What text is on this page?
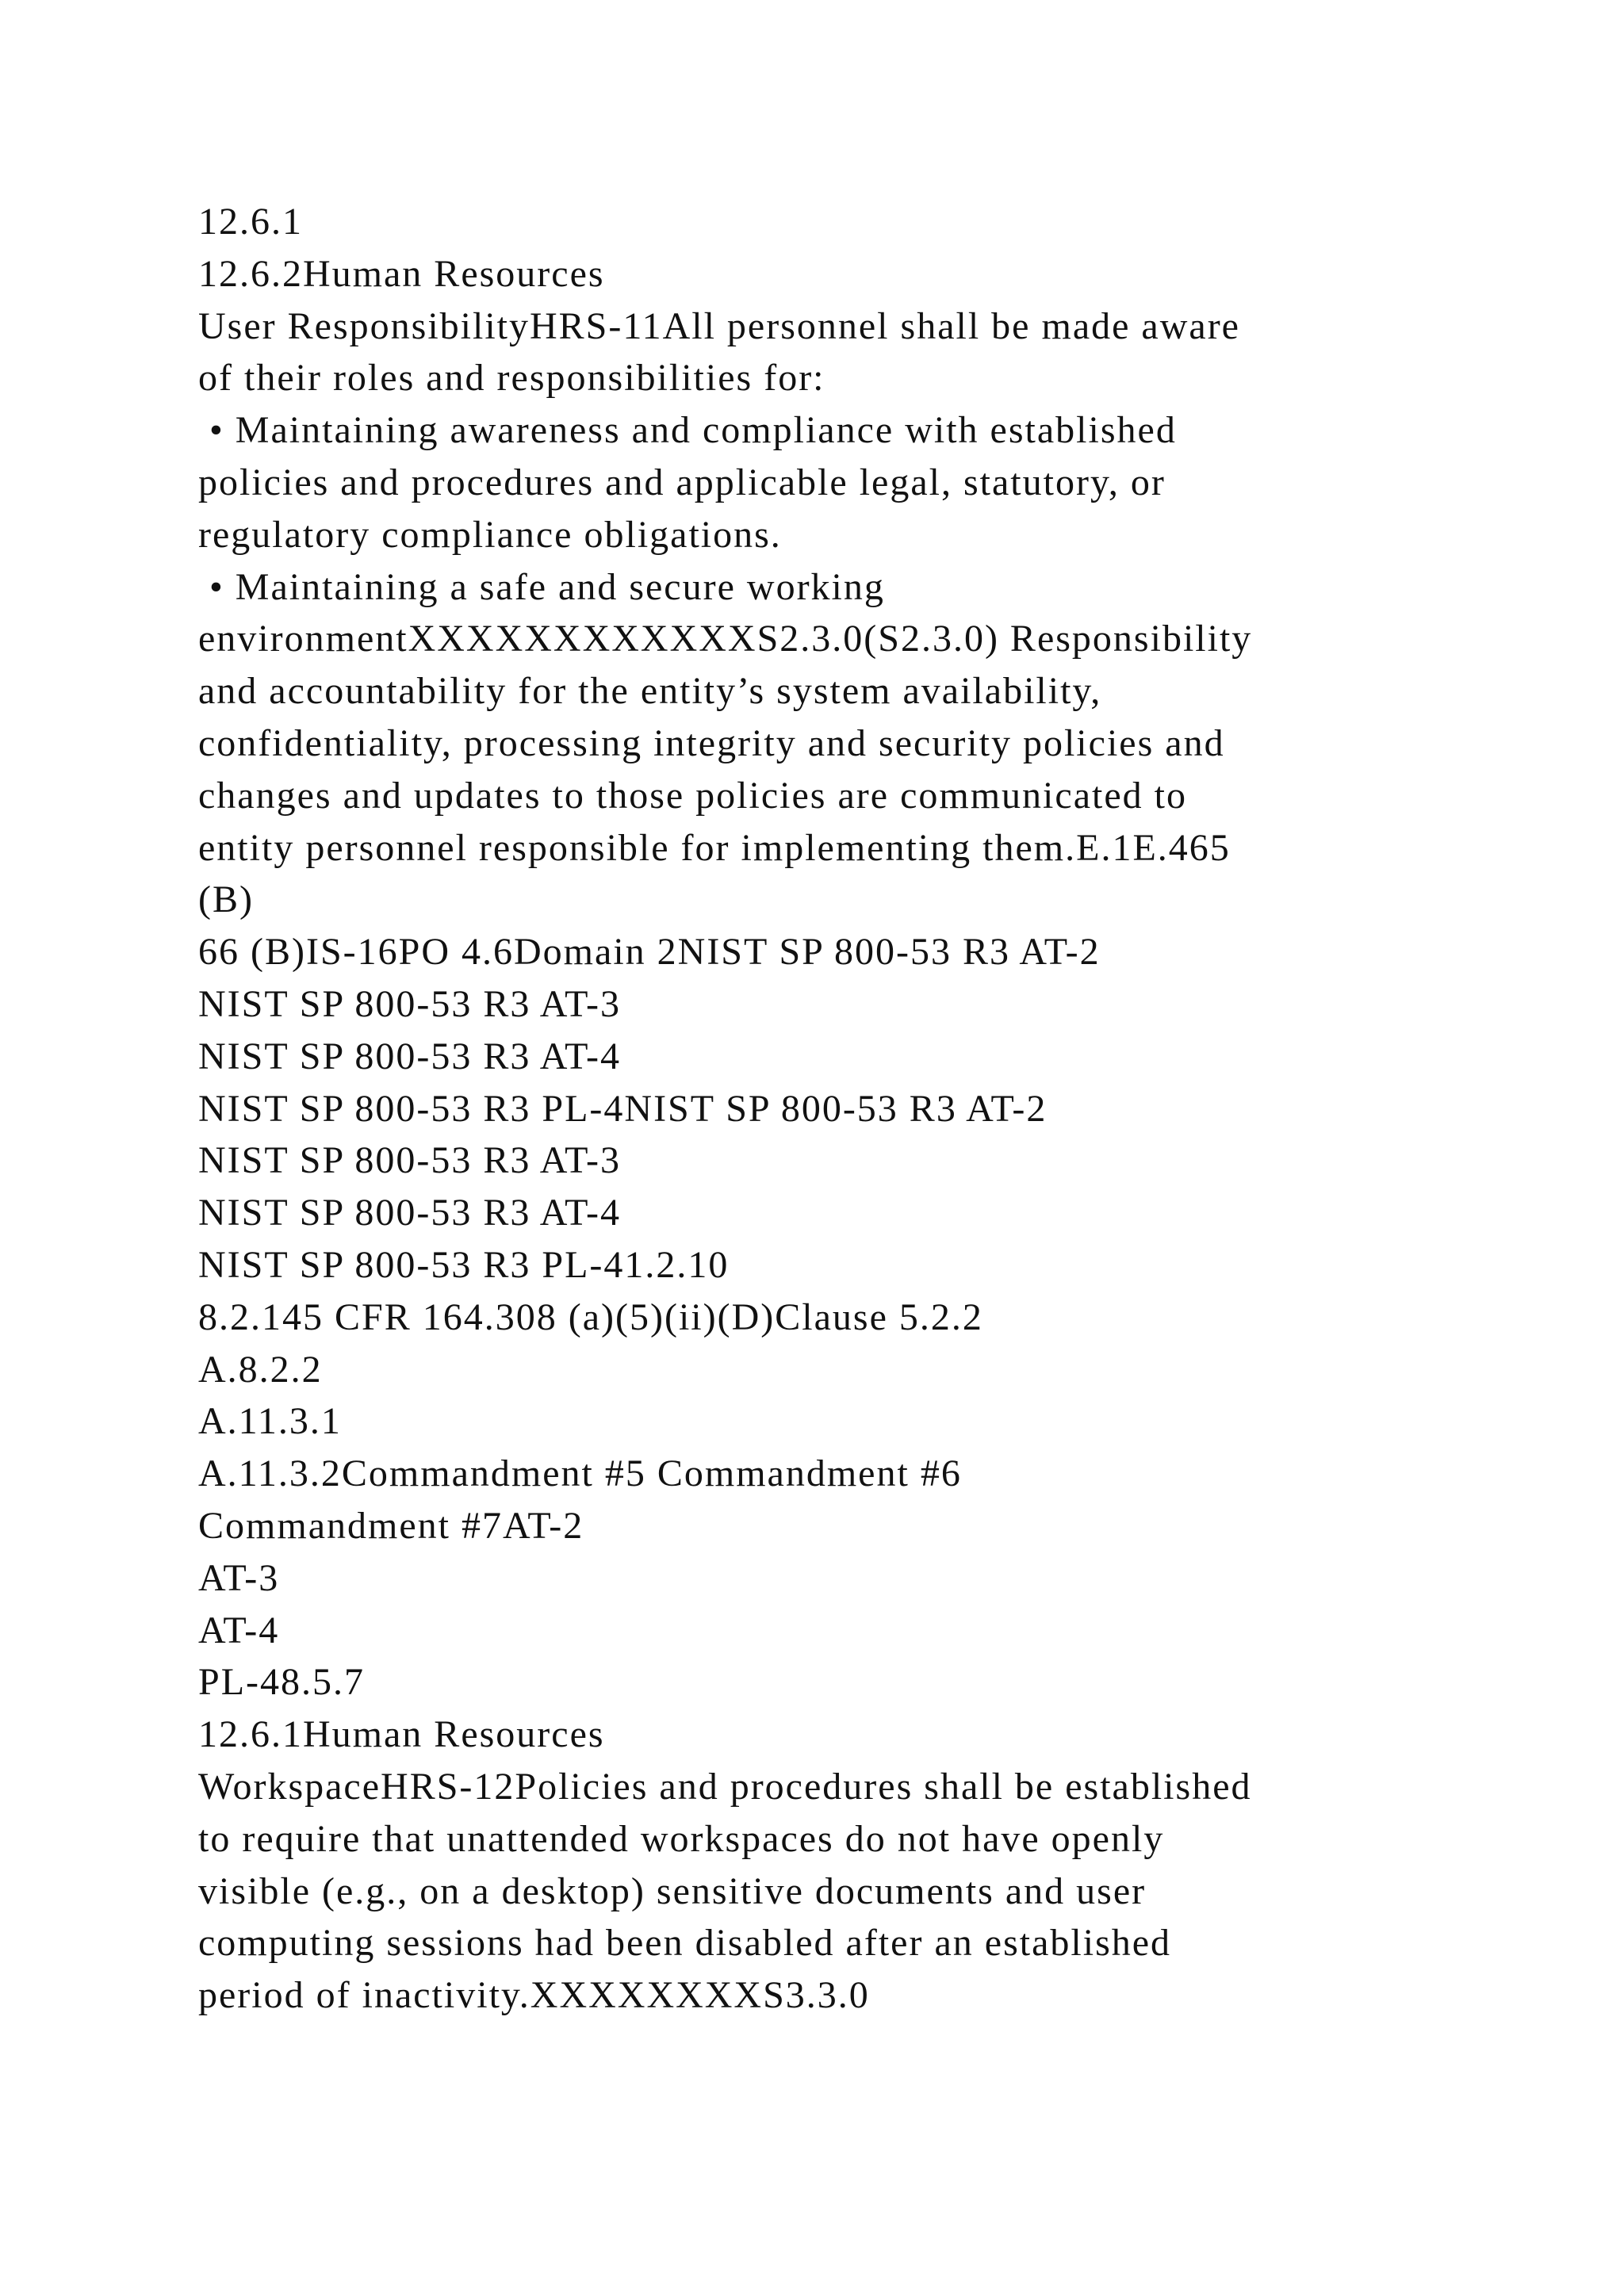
12.6.1
12.6.2Human Resources
User ResponsibilityHRS-11All personnel shall be made aware
of their roles and responsibilities for:
• Maintaining awareness and compliance with established
policies and procedures and applicable legal, statutory, or
regulatory compliance obligations.
• Maintaining a safe and secure working
environmentXXXXXXXXXXXXS2.3.0(S2.3.0) Responsibility
and accountability for the entity’s system availability,
confidentiality, processing integrity and security policies and
changes and updates to those policies are communicated to
entity personnel responsible for implementing them.E.1E.465
(B)
66 (B)IS-16PO 4.6Domain 2NIST SP 800-53 R3 AT-2
NIST SP 800-53 R3 AT-3
NIST SP 800-53 R3 AT-4
NIST SP 800-53 R3 PL-4NIST SP 800-53 R3 AT-2
NIST SP 800-53 R3 AT-3
NIST SP 800-53 R3 AT-4
NIST SP 800-53 R3 PL-41.2.10
8.2.145 CFR 164.308 (a)(5)(ii)(D)Clause 5.2.2
A.8.2.2
A.11.3.1
A.11.3.2Commandment #5 Commandment #6
Commandment #7AT-2
AT-3
AT-4
PL-48.5.7
12.6.1Human Resources
WorkspaceHRS-12Policies and procedures shall be established
to require that unattended workspaces do not have openly
visible (e.g., on a desktop) sensitive documents and user
computing sessions had been disabled after an established
period of inactivity.XXXXXXXXS3.3.0
